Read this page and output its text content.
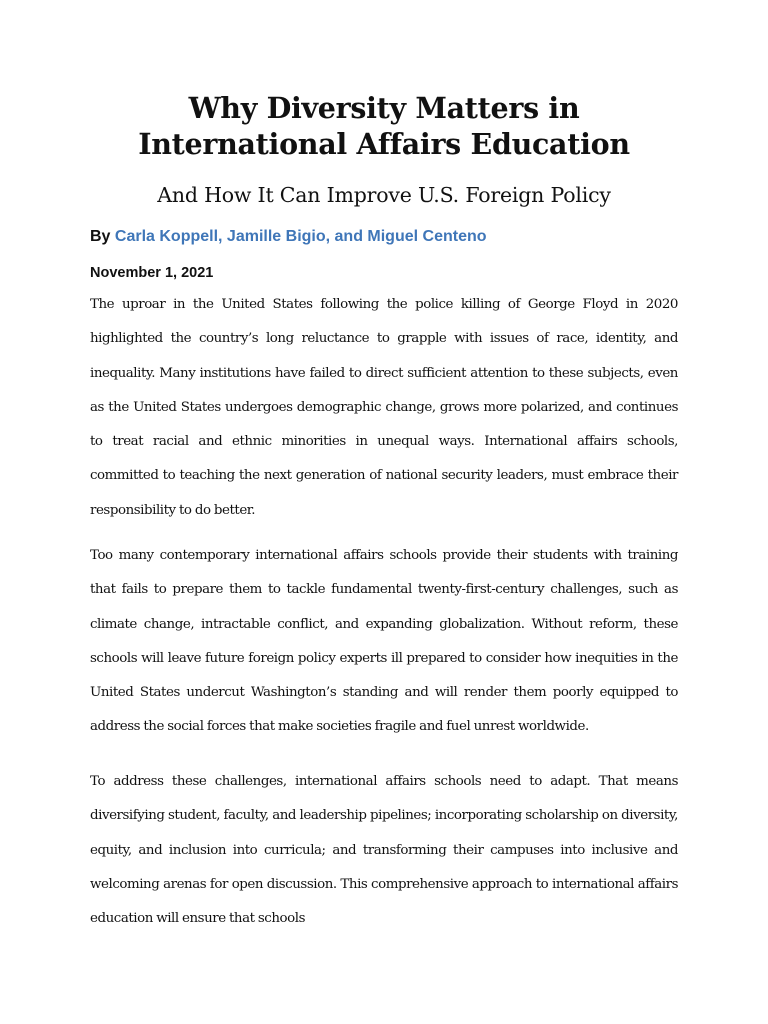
Why Diversity Matters in
International Affairs Education
And How It Can Improve U.S. Foreign Policy
By Carla Koppell, Jamille Bigio, and Miguel Centeno
November 1, 2021

The uproar in the United States following the police killing of George Floyd in 2020 highlighted the country’s long reluctance to grapple with issues of race, identity, and inequality. Many institutions have failed to direct sufficient attention to these subjects, even as the United States undergoes demographic change, grows more polarized, and continues to treat racial and ethnic minorities in unequal ways. International affairs schools, committed to teaching the next generation of national security leaders, must embrace their responsibility to do better.

Too many contemporary international affairs schools provide their students with training that fails to prepare them to tackle fundamental twenty-first-century challenges, such as climate change, intractable conflict, and expanding globalization. Without reform, these schools will leave future foreign policy experts ill prepared to consider how inequities in the United States undercut Washington’s standing and will render them poorly equipped to address the social forces that make societies fragile and fuel unrest worldwide.

To address these challenges, international affairs schools need to adapt. That means diversifying student, faculty, and leadership pipelines; incorporating scholarship on diversity, equity, and inclusion into curricula; and transforming their campuses into inclusive and welcoming arenas for open discussion. This comprehensive approach to international affairs education will ensure that schools
